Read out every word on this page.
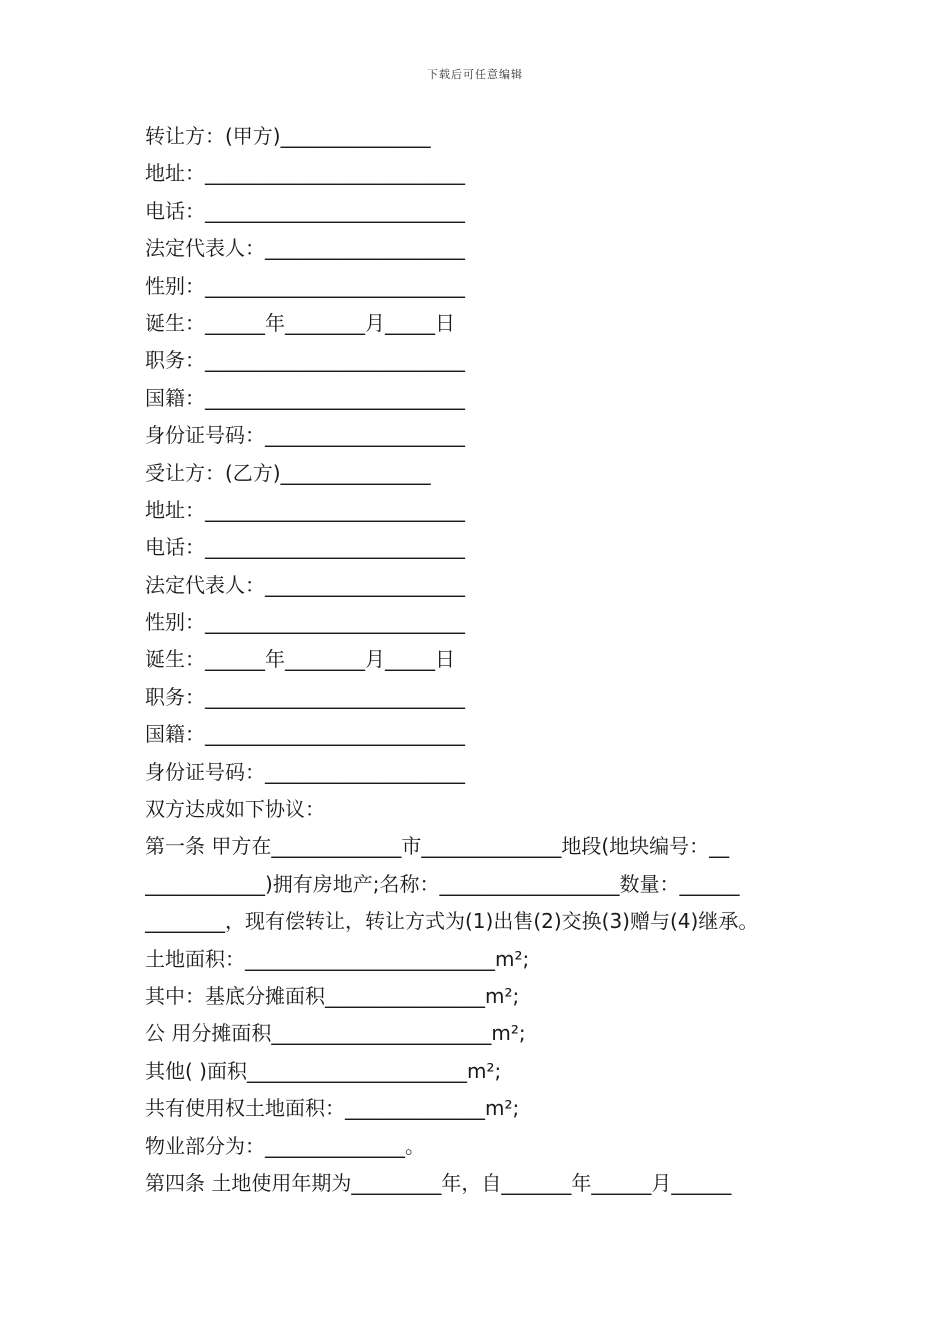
下载后可任意编辑
转让方：(甲方)_______________
地址：__________________________
电话：__________________________
法定代表人：____________________
性别：__________________________
诞生：______年________月_____日
职务：__________________________
国籍：__________________________
身份证号码：____________________
受让方：(乙方)_______________
地址：__________________________
电话：__________________________
法定代表人：____________________
性别：__________________________
诞生：______年________月_____日
职务：__________________________
国籍：__________________________
身份证号码：____________________
双方达成如下协议：
第一条 甲方在_____________市______________地段(地块编号：__
____________)拥有房地产;名称：__________________数量：______
________，现有偿转让，转让方式为(1)出售(2)交换(3)赠与(4)继承。
土地面积：_________________________m²;
其中：基底分摊面积________________m²;
公 用分摊面积______________________m²;
其他( )面积______________________m²;
共有使用权土地面积：______________m²;
物业部分为：______________。
第四条 土地使用年期为_________年，自_______年______月______
